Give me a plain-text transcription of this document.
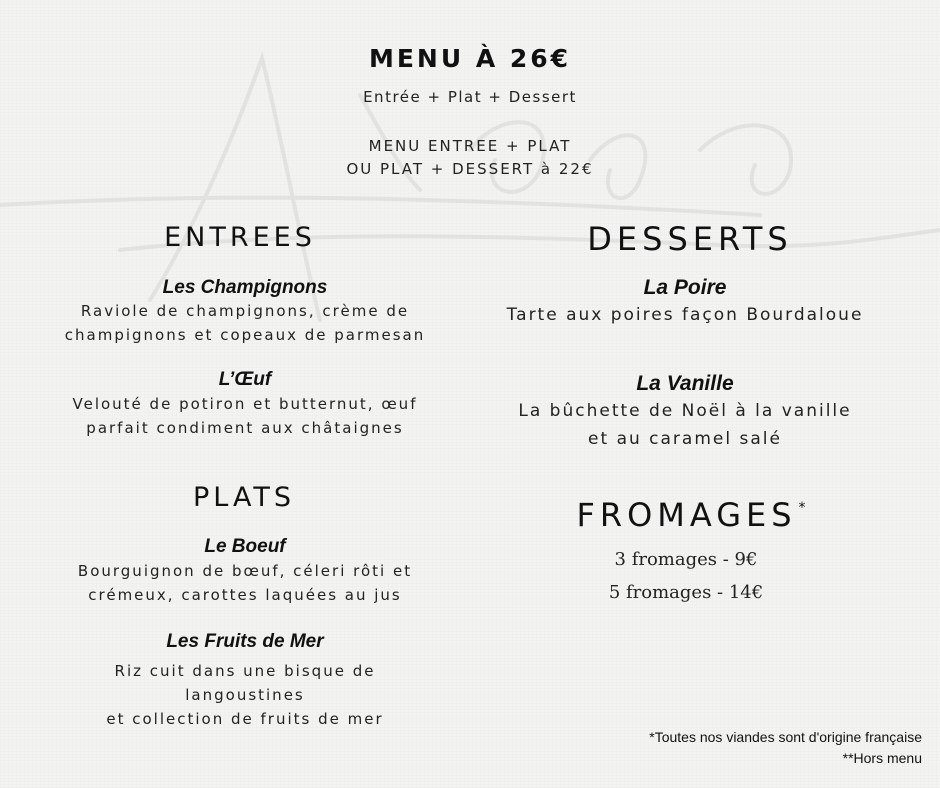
MENU À 26€
Entrée + Plat + Dessert
MENU ENTREE + PLAT
OU PLAT + DESSERT à 22€
ENTREES
Les Champignons
Raviole de champignons, crème de
champignons et copeaux de parmesan
L’Œuf
Velouté de potiron et butternut, œuf
parfait condiment aux châtaignes
PLATS
Le Boeuf
Bourguignon de bœuf, céleri rôti et
crémeux, carottes laquées au jus
Les Fruits de Mer
Riz cuit dans une bisque de
langoustines
et collection de fruits de mer
DESSERTS
La Poire
Tarte aux poires façon Bourdaloue
La Vanille
La bûchette de Noël à la vanille
et au caramel salé
FROMAGES *
3 fromages - 9€
5 fromages - 14€
*Toutes nos viandes sont d'origine française
**Hors menu
